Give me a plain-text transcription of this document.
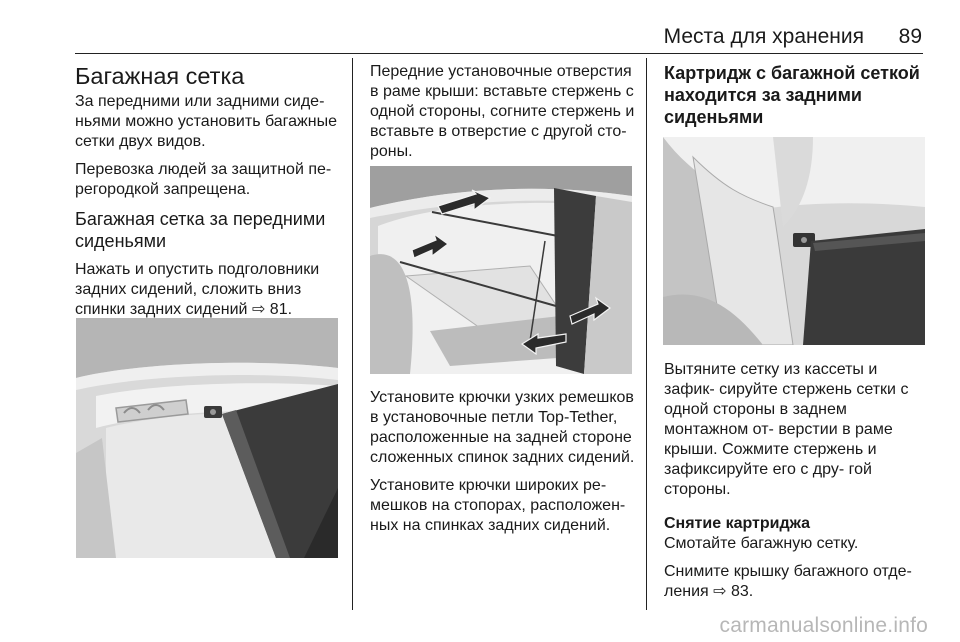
Места для хранения 89
Багажная сетка

За передними или задними сиде- ньями можно установить багажные сетки двух видов.

Перевозка людей за защитной пе- регородкой запрещена.

Багажная сетка за передними сиденьями

Нажать и опустить подголовники задних сидений, сложить вниз спинки задних сидений ⇨ 81.

Передние установочные отверстия в раме крыши: вставьте стержень с одной стороны, согните стержень и вставьте в отверстие с другой сто- роны.

Установите крючки узких ремешков в установочные петли Top-Tether, расположенные на задней стороне сложенных спинок задних сидений.

Установите крючки широких ре- мешков на стопорах, расположен- ных на спинках задних сидений.

Картридж с багажной сеткой находится за задними сиденьями

Вытяните сетку из кассеты и зафик- сируйте стержень сетки с одной стороны в заднем монтажном от- верстии в раме крыши. Сожмите стержень и зафиксируйте его с дру- гой стороны.

Снятие картриджа

Смотайте багажную сетку.

Снимите крышку багажного отде- ления ⇨ 83.

carmanualsonline.info
